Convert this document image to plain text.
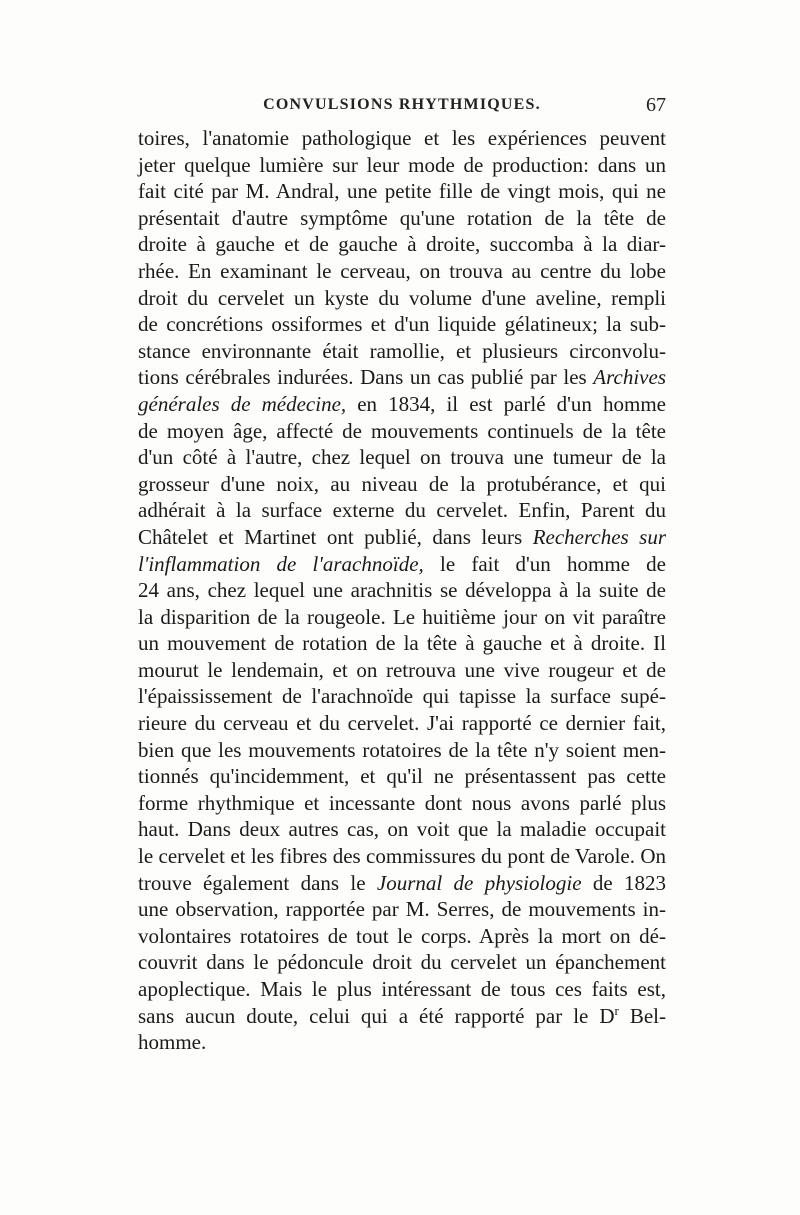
CONVULSIONS RHYTHMIQUES.	67
toires, l'anatomie pathologique et les expériences peuvent
jeter quelque lumière sur leur mode de production: dans un
fait cité par M. Andral, une petite fille de vingt mois, qui ne
présentait d'autre symptôme qu'une rotation de la tête de
droite à gauche et de gauche à droite, succomba à la diar-
rhée. En examinant le cerveau, on trouva au centre du lobe
droit du cervelet un kyste du volume d'une aveline, rempli
de concrétions ossiformes et d'un liquide gélatineux; la sub-
stance environnante était ramollie, et plusieurs circonvolu-
tions cérébrales indurées. Dans un cas publié par les Archives
générales de médecine, en 1834, il est parlé d'un homme
de moyen âge, affecté de mouvements continuels de la tête
d'un côté à l'autre, chez lequel on trouva une tumeur de la
grosseur d'une noix, au niveau de la protubérance, et qui
adhérait à la surface externe du cervelet. Enfin, Parent du
Châtelet et Martinet ont publié, dans leurs Recherches sur
l'inflammation de l'arachnoïde, le fait d'un homme de
24 ans, chez lequel une arachnitis se développa à la suite de
la disparition de la rougeole. Le huitième jour on vit paraître
un mouvement de rotation de la tête à gauche et à droite. Il
mourut le lendemain, et on retrouva une vive rougeur et de
l'épaississement de l'arachnoïde qui tapisse la surface supé-
rieure du cerveau et du cervelet. J'ai rapporté ce dernier fait,
bien que les mouvements rotatoires de la tête n'y soient men-
tionnés qu'incidemment, et qu'il ne présentassent pas cette
forme rhythmique et incessante dont nous avons parlé plus
haut. Dans deux autres cas, on voit que la maladie occupait
le cervelet et les fibres des commissures du pont de Varole. On
trouve également dans le Journal de physiologie de 1823
une observation, rapportée par M. Serres, de mouvements in-
volontaires rotatoires de tout le corps. Après la mort on dé-
couvrit dans le pédoncule droit du cervelet un épanchement
apoplectique. Mais le plus intéressant de tous ces faits est,
sans aucun doute, celui qui a été rapporté par le $D^r$ Bel-
homme.
